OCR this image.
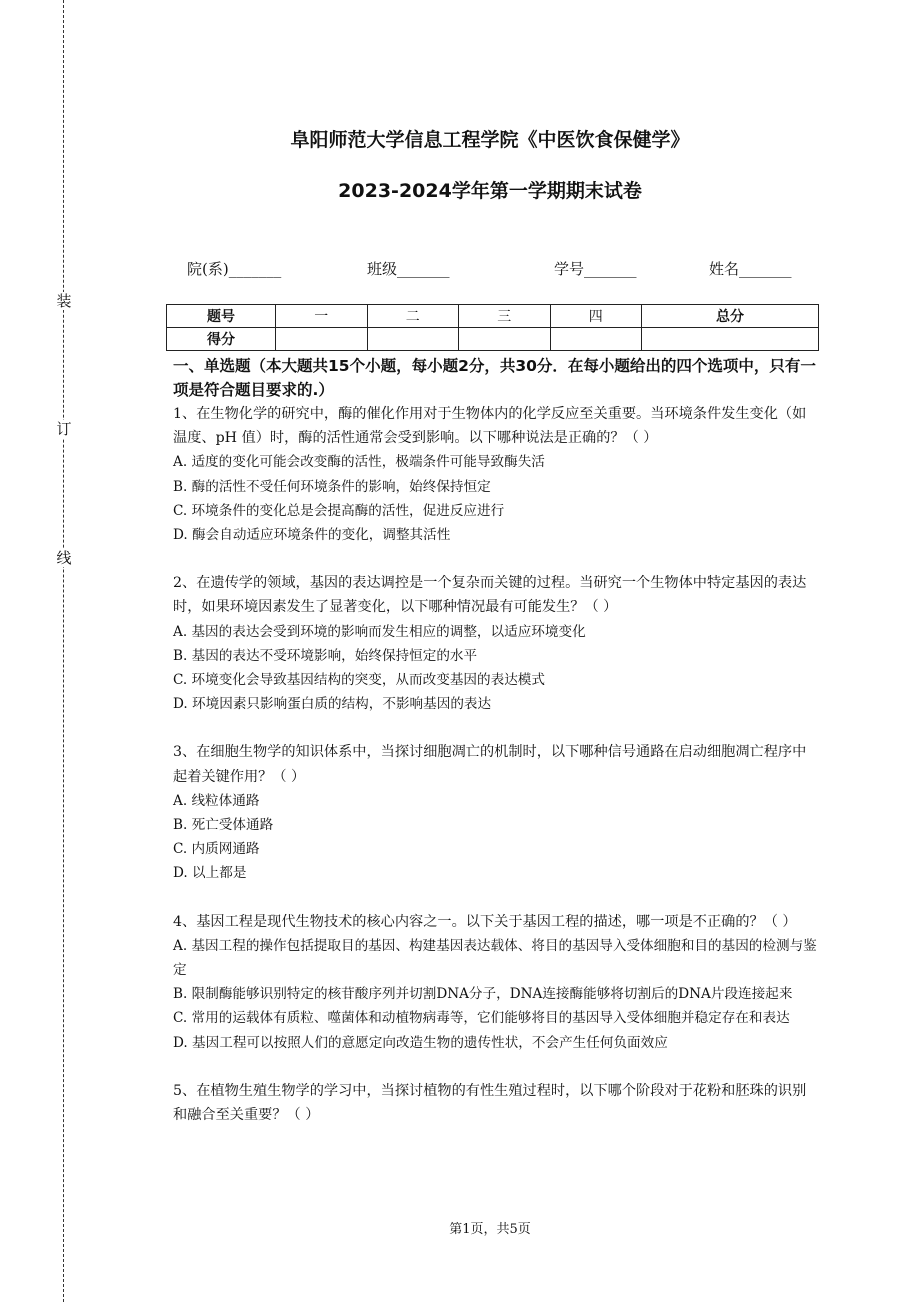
装
订
线
阜阳师范大学信息工程学院《中医饮食保健学》
2023-2024学年第一学期期末试卷
院(系)_______	班级_______	学号_______	姓名_______
题号	一	二	三	四	总分
得分					
一、单选题（本大题共15个小题，每小题2分，共30分．在每小题给出的四个选项中，只有一项是符合题目要求的.）

1、在生物化学的研究中，酶的催化作用对于生物体内的化学反应至关重要。当环境条件发生变化（如温度、pH 值）时，酶的活性通常会受到影响。以下哪种说法是正确的？（ ）

A. 适度的变化可能会改变酶的活性，极端条件可能导致酶失活

B. 酶的活性不受任何环境条件的影响，始终保持恒定

C. 环境条件的变化总是会提高酶的活性，促进反应进行

D. 酶会自动适应环境条件的变化，调整其活性

2、在遗传学的领域，基因的表达调控是一个复杂而关键的过程。当研究一个生物体中特定基因的表达时，如果环境因素发生了显著变化，以下哪种情况最有可能发生？（ ）

A. 基因的表达会受到环境的影响而发生相应的调整，以适应环境变化

B. 基因的表达不受环境影响，始终保持恒定的水平

C. 环境变化会导致基因结构的突变，从而改变基因的表达模式

D. 环境因素只影响蛋白质的结构，不影响基因的表达

3、在细胞生物学的知识体系中，当探讨细胞凋亡的机制时，以下哪种信号通路在启动细胞凋亡程序中起着关键作用？（ ）

A. 线粒体通路

B. 死亡受体通路

C. 内质网通路

D. 以上都是

4、基因工程是现代生物技术的核心内容之一。以下关于基因工程的描述，哪一项是不正确的？（ ）

A. 基因工程的操作包括提取目的基因、构建基因表达载体、将目的基因导入受体细胞和目的基因的检测与鉴定

B. 限制酶能够识别特定的核苷酸序列并切割DNA分子，DNA连接酶能够将切割后的DNA片段连接起来

C. 常用的运载体有质粒、噬菌体和动植物病毒等，它们能够将目的基因导入受体细胞并稳定存在和表达

D. 基因工程可以按照人们的意愿定向改造生物的遗传性状，不会产生任何负面效应

5、在植物生殖生物学的学习中，当探讨植物的有性生殖过程时，以下哪个阶段对于花粉和胚珠的识别和融合至关重要？（ ）

第1页，共5页
